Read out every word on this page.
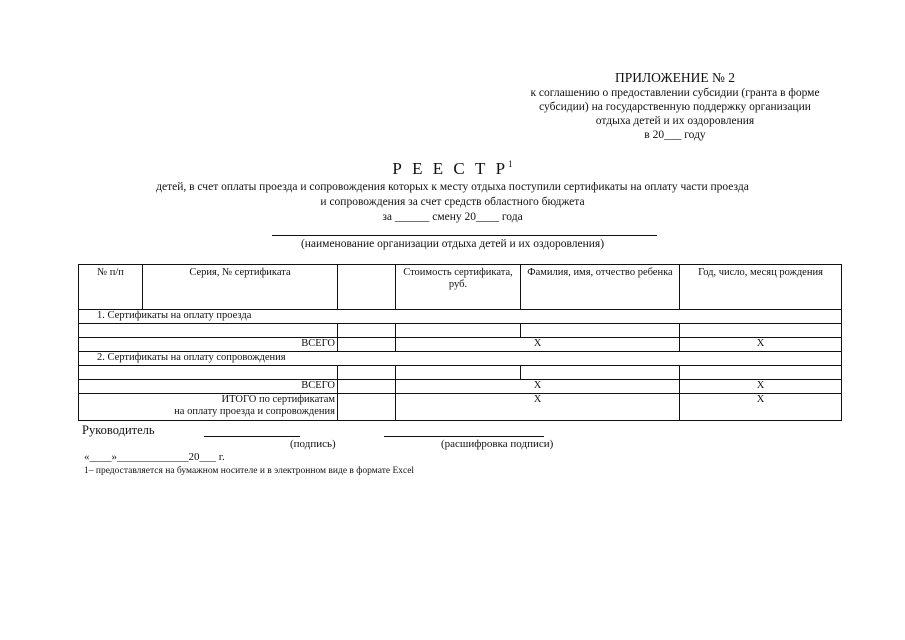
ПРИЛОЖЕНИЕ № 2
к соглашению о предоставлении субсидии (гранта в форме
субсидии) на государственную поддержку организации
отдыха детей и их оздоровления
в 20___ году
Р Е Е С Т $Р^1$
детей, в счет оплаты проезда и сопровождения которых к месту отдыха поступили сертификаты на оплату части проезда
и сопровождения за счет средств областного бюджета
за ______ смену 20____ года
(наименование организации отдыха детей и их оздоровления)
№ п/п	Серия, № сертификата		Стоимость сертификата, руб.	Фамилия, имя, отчество ребенка	Год, число, месяц рождения
1. Сертификаты на оплату проезда					

ВСЕГО			Х		Х
2. Сертификаты на оплату сопровождения					

ВСЕГО			Х		Х
ИТОГО по сертификатам
на оплату проезда и сопровождения			Х		Х
Руководитель
(подпись)	(расшифровка подписи)
«____»_____________20___ г.
1– предоставляется на бумажном носителе и в электронном виде в формате Excel
